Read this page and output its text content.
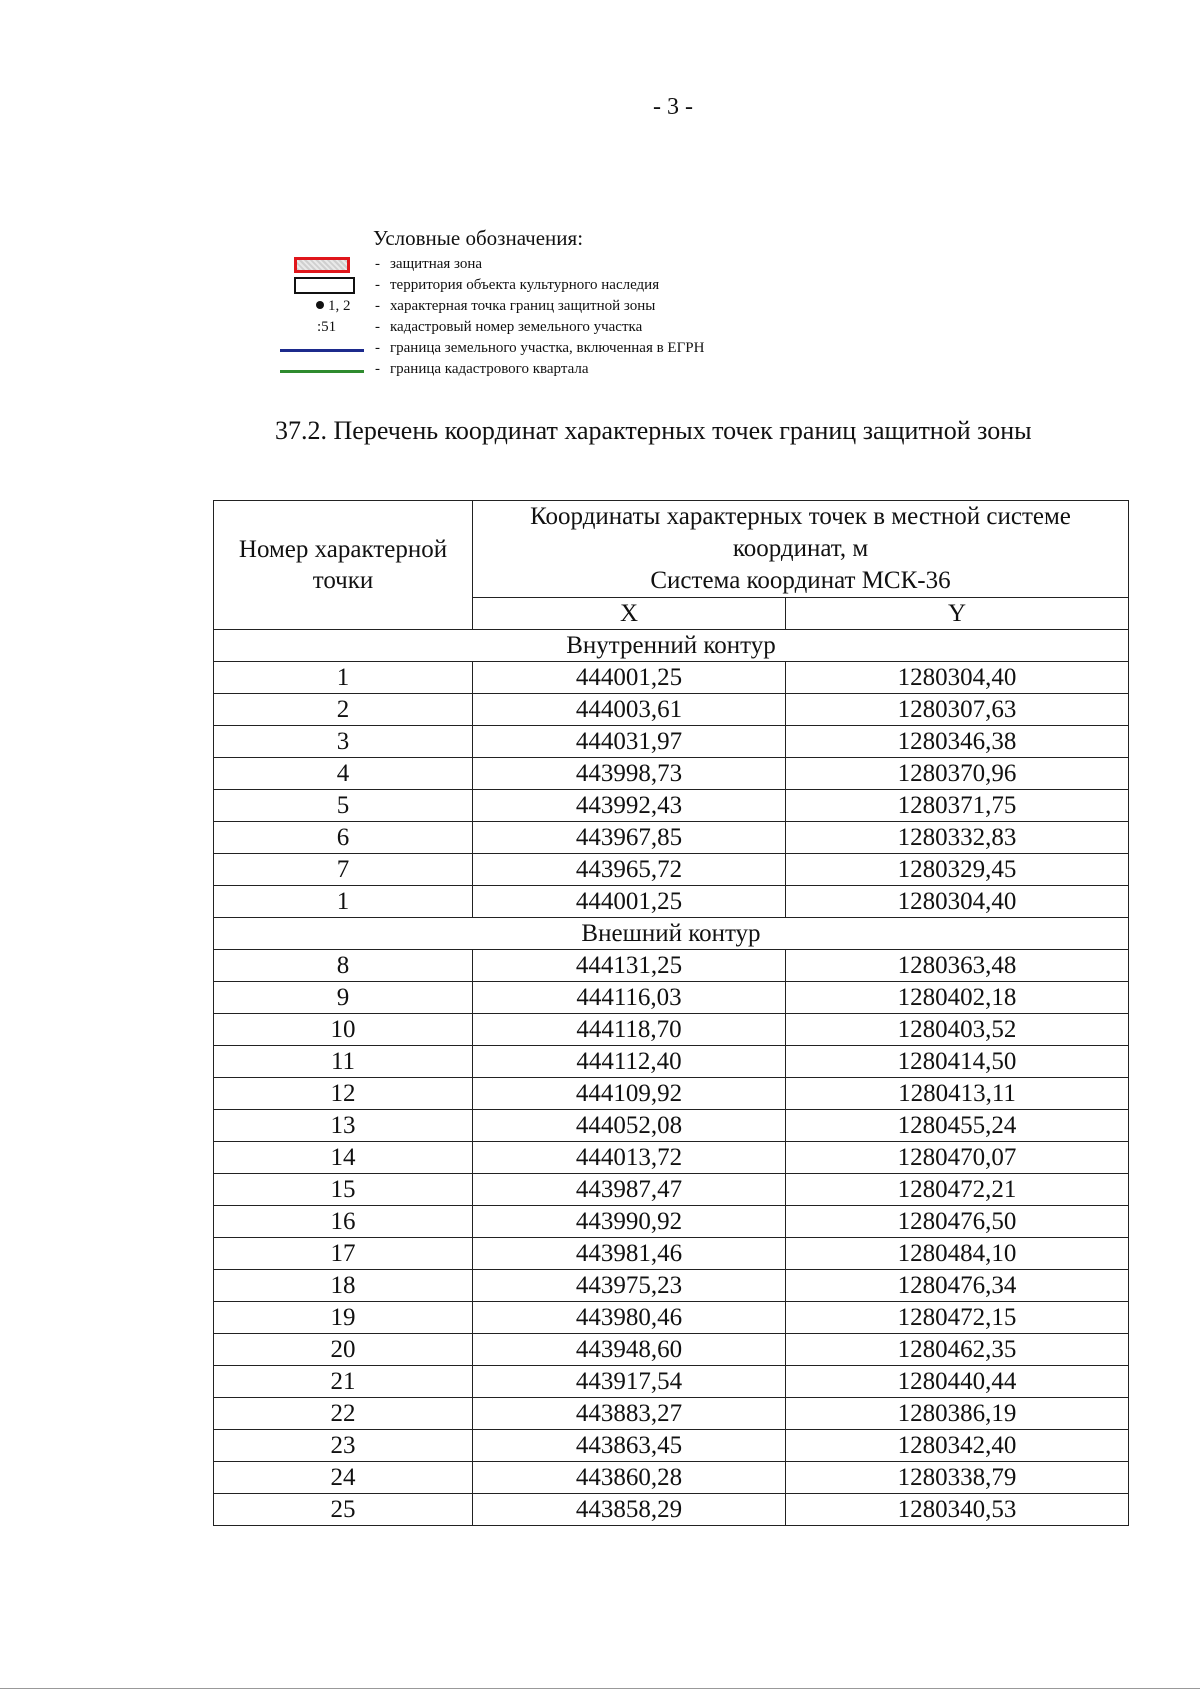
- 3 -
Условные обозначения:
- защитная зона
- территория объекта культурного наследия
1, 2 - характерная точка границ защитной зоны
:51	- кадастровый номер земельного участка
- граница земельного участка, включенная в ЕГРН
- граница кадастрового квартала
37.2. Перечень координат характерных точек границ защитной зоны
Номер характерной точки	Координаты характерных точек в местной системе координат, м
Система координат МСК-36	

	X	Y
Внутренний контур		
1	444001,25	1280304,40
2	444003,61	1280307,63
3	444031,97	1280346,38
4	443998,73	1280370,96
5	443992,43	1280371,75
6	443967,85	1280332,83
7	443965,72	1280329,45
1	444001,25	1280304,40
Внешний контур		
8	444131,25	1280363,48
9	444116,03	1280402,18
10	444118,70	1280403,52
11	444112,40	1280414,50
12	444109,92	1280413,11
13	444052,08	1280455,24
14	444013,72	1280470,07
15	443987,47	1280472,21
16	443990,92	1280476,50
17	443981,46	1280484,10
18	443975,23	1280476,34
19	443980,46	1280472,15
20	443948,60	1280462,35
21	443917,54	1280440,44
22	443883,27	1280386,19
23	443863,45	1280342,40
24	443860,28	1280338,79
25	443858,29	1280340,53
